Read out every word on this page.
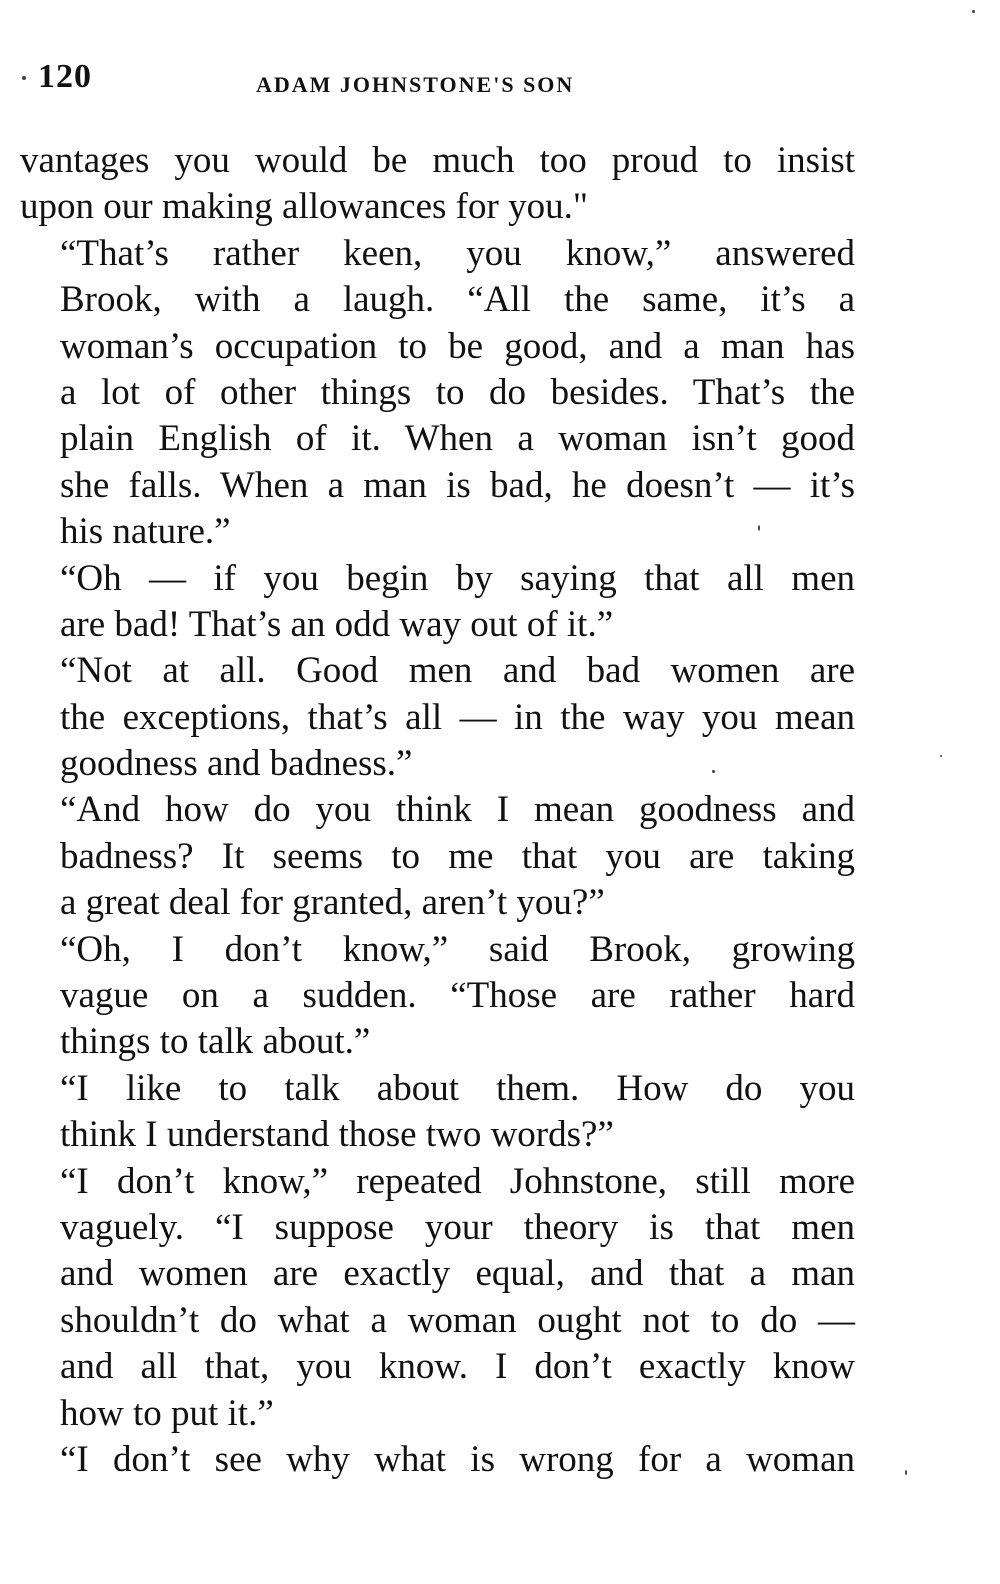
120	ADAM JOHNSTONE'S SON

vantages you would be much too proud to insist
upon our making allowances for you."

“That’s rather keen, you know,” answered
Brook, with a laugh. “All the same, it’s a
woman’s occupation to be good, and a man has
a lot of other things to do besides. That’s the
plain English of it. When a woman isn’t good
she falls. When a man is bad, he doesn’t — it’s
his nature.”

“Oh — if you begin by saying that all men
are bad! That’s an odd way out of it.”

“Not at all. Good men and bad women are
the exceptions, that’s all — in the way you mean
goodness and badness.”

“And how do you think I mean goodness and
badness? It seems to me that you are taking
a great deal for granted, aren’t you?”

“Oh, I don’t know,” said Brook, growing
vague on a sudden. “Those are rather hard
things to talk about.”

“I like to talk about them. How do you
think I understand those two words?”

“I don’t know,” repeated Johnstone, still more
vaguely. “I suppose your theory is that men
and women are exactly equal, and that a man
shouldn’t do what a woman ought not to do —
and all that, you know. I don’t exactly know
how to put it.”

“I don’t see why what is wrong for a woman
